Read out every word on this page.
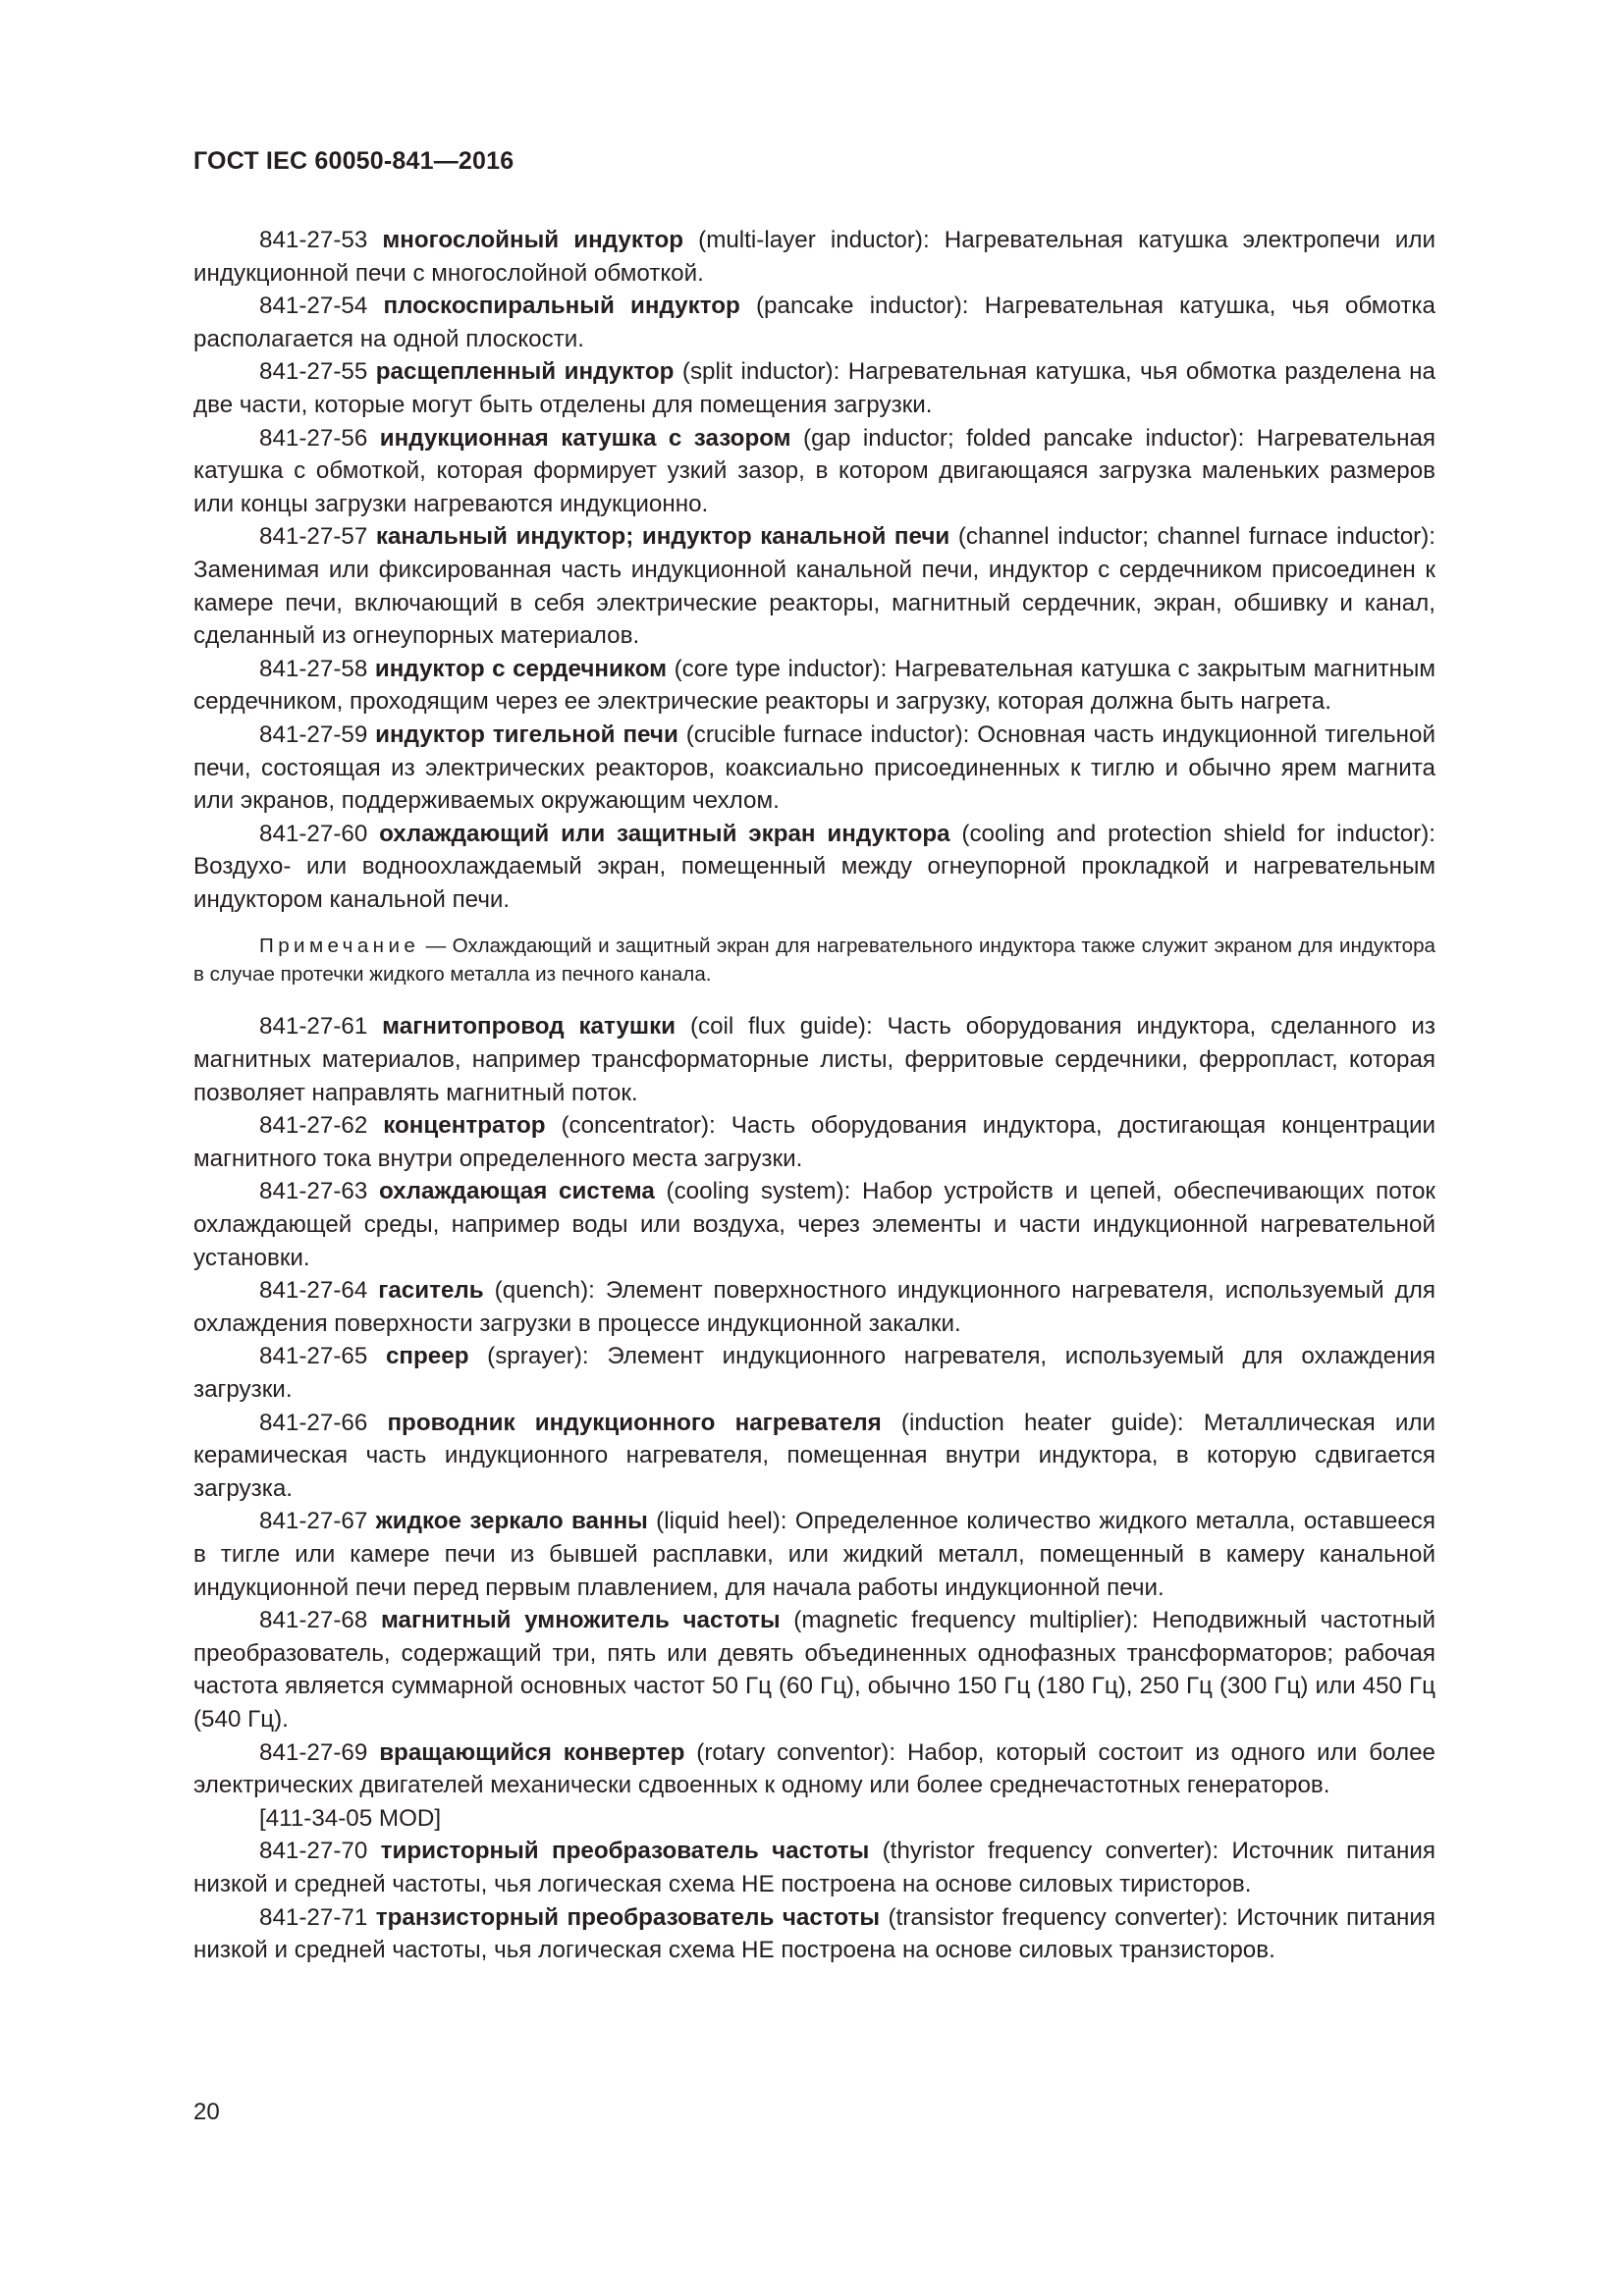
ГОСТ IEC 60050-841—2016

841-27-53 многослойный индуктор (multi-layer inductor): Нагревательная катушка электропечи или индукционной печи с многослойной обмоткой.

841-27-54 плоскоспиральный индуктор (pancake inductor): Нагревательная катушка, чья обмотка располагается на одной плоскости.

841-27-55 расщепленный индуктор (split inductor): Нагревательная катушка, чья обмотка разделена на две части, которые могут быть отделены для помещения загрузки.

841-27-56 индукционная катушка с зазором (gap inductor; folded pancake inductor): Нагревательная катушка с обмоткой, которая формирует узкий зазор, в котором двигающаяся загрузка маленьких размеров или концы загрузки нагреваются индукционно.

841-27-57 канальный индуктор; индуктор канальной печи (channel inductor; channel furnace inductor): Заменимая или фиксированная часть индукционной канальной печи, индуктор с сердечником присоединен к камере печи, включающий в себя электрические реакторы, магнитный сердечник, экран, обшивку и канал, сделанный из огнеупорных материалов.

841-27-58 индуктор с сердечником (core type inductor): Нагревательная катушка с закрытым магнитным сердечником, проходящим через ее электрические реакторы и загрузку, которая должна быть нагрета.

841-27-59 индуктор тигельной печи (crucible furnace inductor): Основная часть индукционной тигельной печи, состоящая из электрических реакторов, коаксиально присоединенных к тиглю и обычно ярем магнита или экранов, поддерживаемых окружающим чехлом.

841-27-60 охлаждающий или защитный экран индуктора (cooling and protection shield for inductor): Воздухо- или водноохлаждаемый экран, помещенный между огнеупорной прокладкой и нагревательным индуктором канальной печи.

Примечание — Охлаждающий и защитный экран для нагревательного индуктора также служит экраном для индуктора в случае протечки жидкого металла из печного канала.

841-27-61 магнитопровод катушки (coil flux guide): Часть оборудования индуктора, сделанного из магнитных материалов, например трансформаторные листы, ферритовые сердечники, ферропласт, которая позволяет направлять магнитный поток.

841-27-62 концентратор (concentrator): Часть оборудования индуктора, достигающая концентрации магнитного тока внутри определенного места загрузки.

841-27-63 охлаждающая система (cooling system): Набор устройств и цепей, обеспечивающих поток охлаждающей среды, например воды или воздуха, через элементы и части индукционной нагревательной установки.

841-27-64 гаситель (quench): Элемент поверхностного индукционного нагревателя, используемый для охлаждения поверхности загрузки в процессе индукционной закалки.

841-27-65 спреер (sprayer): Элемент индукционного нагревателя, используемый для охлаждения загрузки.

841-27-66 проводник индукционного нагревателя (induction heater guide): Металлическая или керамическая часть индукционного нагревателя, помещенная внутри индуктора, в которую сдвигается загрузка.

841-27-67 жидкое зеркало ванны (liquid heel): Определенное количество жидкого металла, оставшееся в тигле или камере печи из бывшей расплавки, или жидкий металл, помещенный в камеру канальной индукционной печи перед первым плавлением, для начала работы индукционной печи.

841-27-68 магнитный умножитель частоты (magnetic frequency multiplier): Неподвижный частотный преобразователь, содержащий три, пять или девять объединенных однофазных трансформаторов; рабочая частота является суммарной основных частот 50 Гц (60 Гц), обычно 150 Гц (180 Гц), 250 Гц (300 Гц) или 450 Гц (540 Гц).

841-27-69 вращающийся конвертер (rotary conventor): Набор, который состоит из одного или более электрических двигателей механически сдвоенных к одному или более среднечастотных генераторов.

[411-34-05 MOD]

841-27-70 тиристорный преобразователь частоты (thyristor frequency converter): Источник питания низкой и средней частоты, чья логическая схема НЕ построена на основе силовых тиристоров.

841-27-71 транзисторный преобразователь частоты (transistor frequency converter): Источник питания низкой и средней частоты, чья логическая схема НЕ построена на основе силовых транзисторов.

20
